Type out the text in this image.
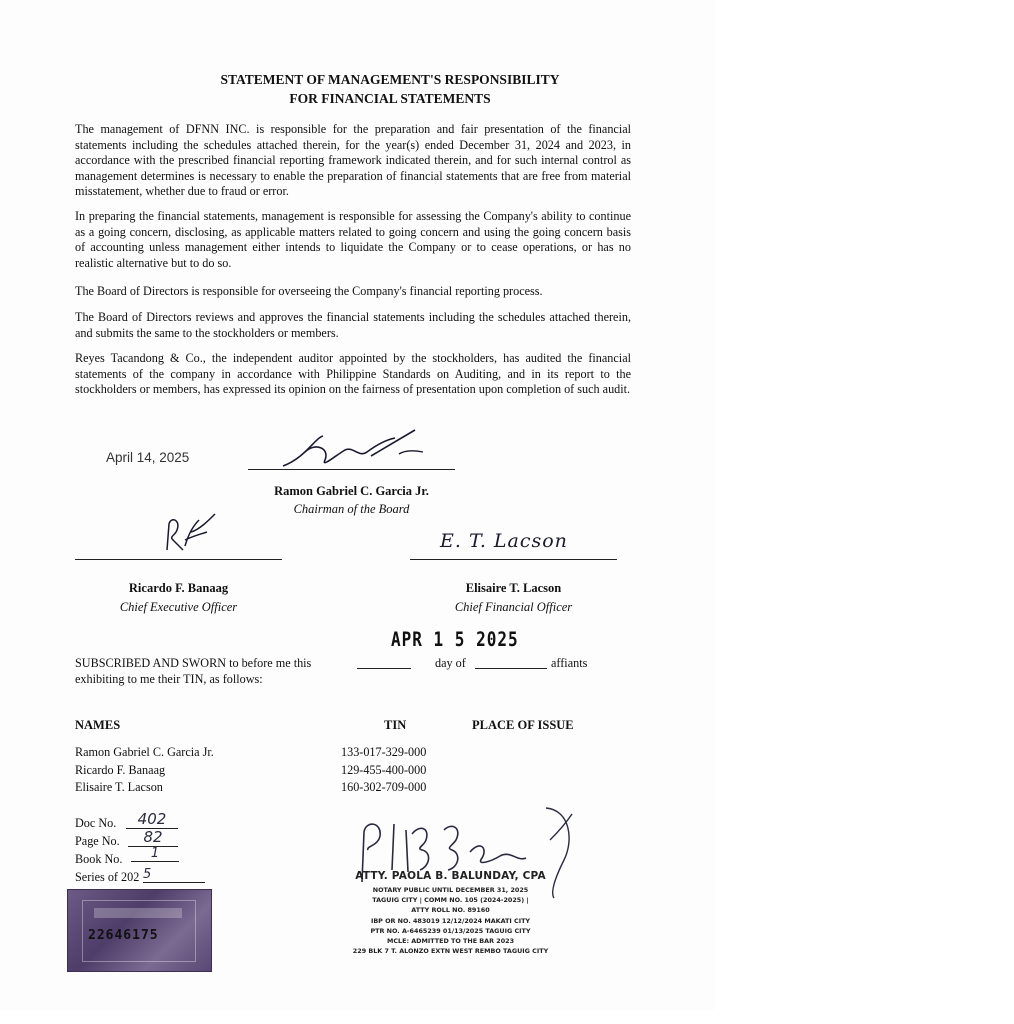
STATEMENT OF MANAGEMENT'S RESPONSIBILITY
FOR FINANCIAL STATEMENTS

The management of DFNN INC. is responsible for the preparation and fair presentation of the financial statements including the schedules attached therein, for the year(s) ended December 31, 2024 and 2023, in accordance with the prescribed financial reporting framework indicated therein, and for such internal control as management determines is necessary to enable the preparation of financial statements that are free from material misstatement, whether due to fraud or error.

In preparing the financial statements, management is responsible for assessing the Company's ability to continue as a going concern, disclosing, as applicable matters related to going concern and using the going concern basis of accounting unless management either intends to liquidate the Company or to cease operations, or has no realistic alternative but to do so.

The Board of Directors is responsible for overseeing the Company's financial reporting process.

The Board of Directors reviews and approves the financial statements including the schedules attached therein, and submits the same to the stockholders or members.

Reyes Tacandong & Co., the independent auditor appointed by the stockholders, has audited the financial statements of the company in accordance with Philippine Standards on Auditing, and in its report to the stockholders or members, has expressed its opinion on the fairness of presentation upon completion of such audit.

April 14, 2025
Ramon Gabriel C. Garcia Jr.
Chairman of the Board
Ricardo F. Banaag
Chief Executive Officer
E. T. Lacson
Elisaire T. Lacson
Chief Financial Officer
APR 1 5 2025
SUBSCRIBED AND SWORN to before me this	day of	affiants
exhibiting to me their TIN, as follows:
NAMES	TIN	PLACE OF ISSUE
Ramon Gabriel C. Garcia Jr.	133-017-329-000
Ricardo F. Banaag	129-455-400-000
Elisaire T. Lacson	160-302-709-000
Doc No.	402
Page No.	82
Book No.	1
Series of 202 5
22646175
ATTY. PAOLA B. BALUNDAY, CPA
NOTARY PUBLIC UNTIL DECEMBER 31, 2025
TAGUIG CITY | COMM NO. 105 (2024-2025) |
ATTY ROLL NO. 89160
IBP OR NO. 483019 12/12/2024 MAKATI CITY
PTR NO. A-6465239 01/13/2025 TAGUIG CITY
MCLE: ADMITTED TO THE BAR 2023
229 BLK 7 T. ALONZO EXTN WEST REMBO TAGUIG CITY
